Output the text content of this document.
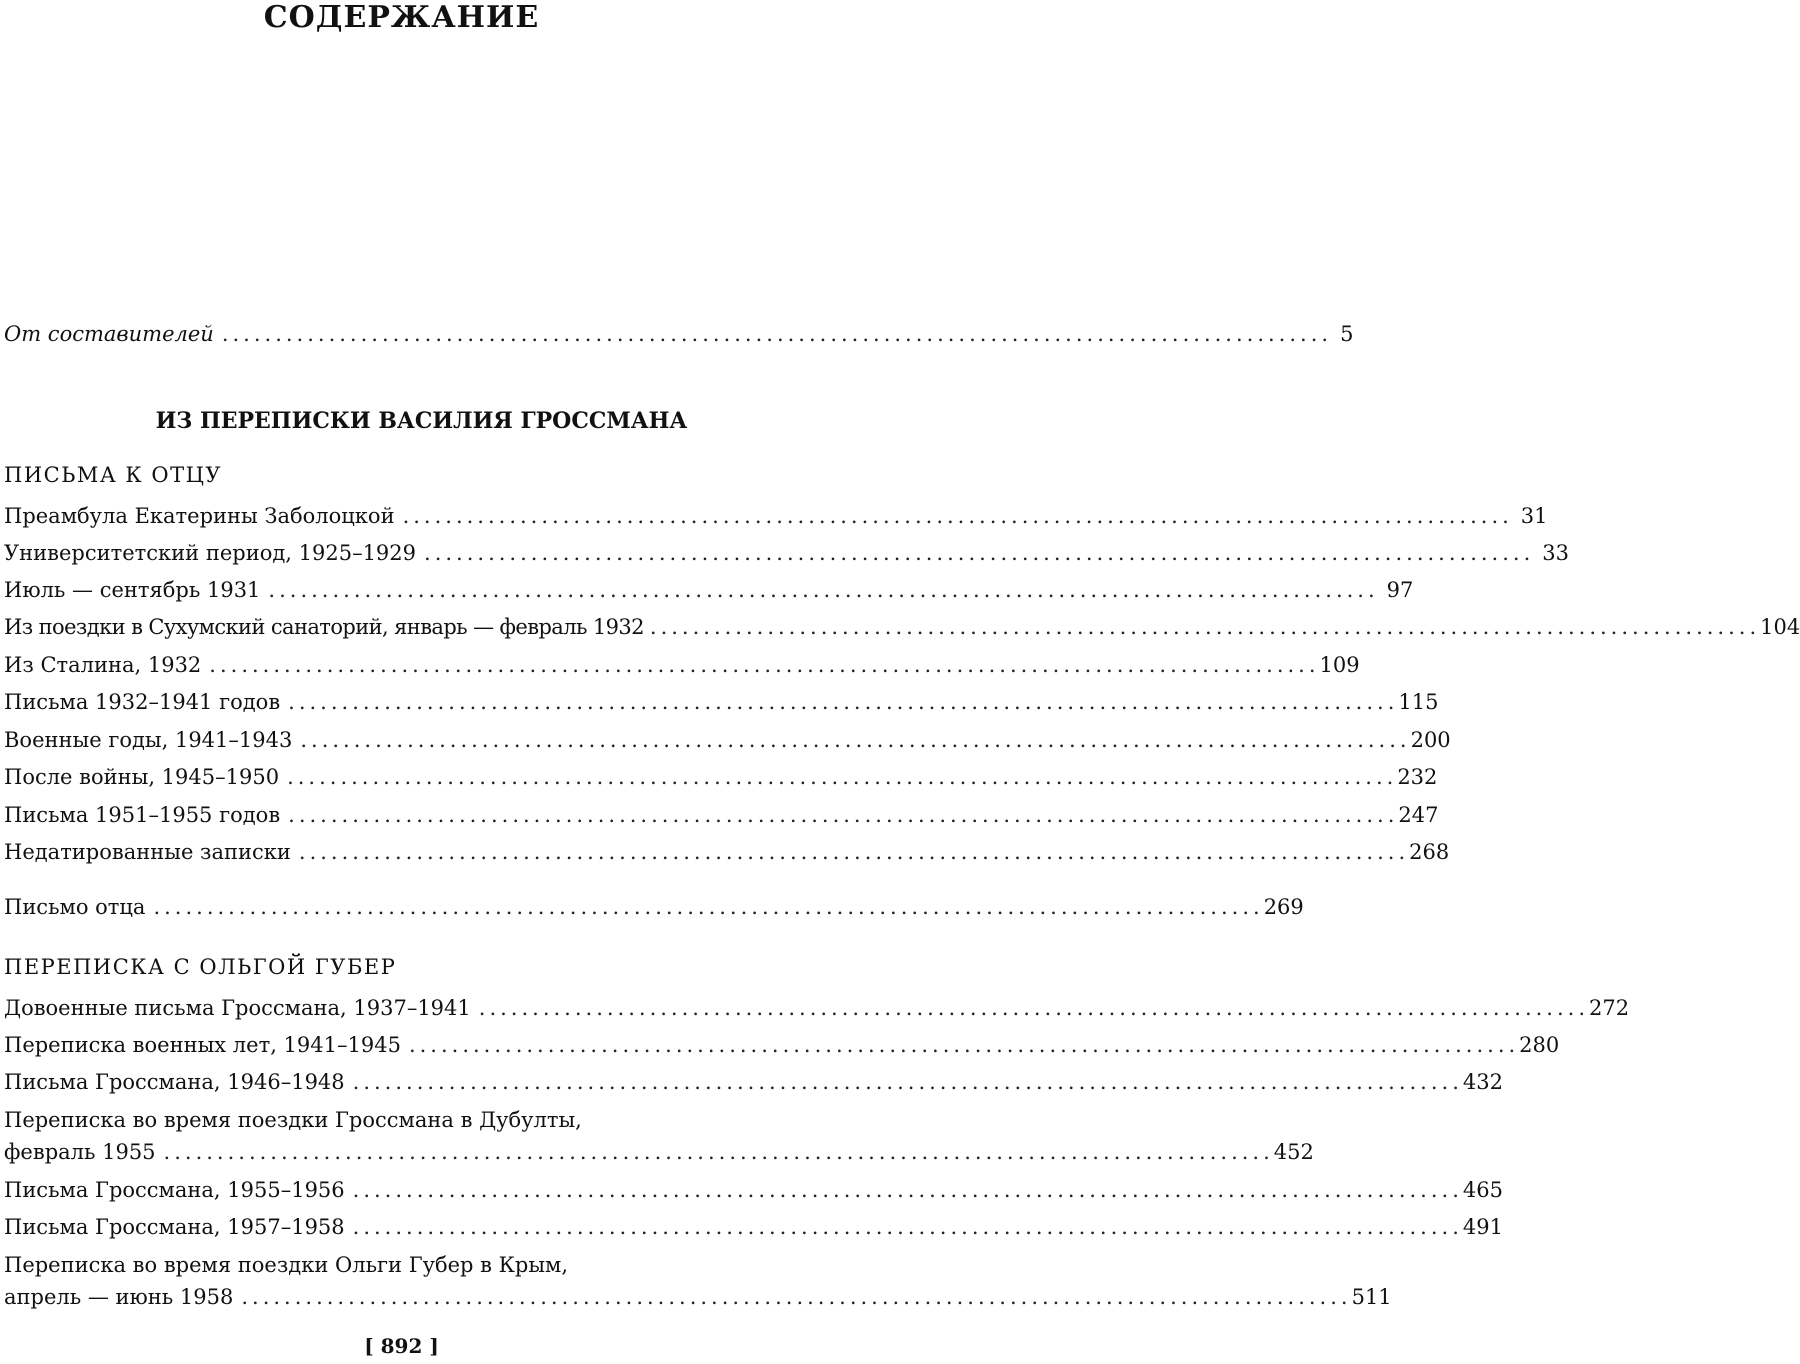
СОДЕРЖАНИЕ
От составителей ........................................................................................................ 5
ИЗ ПЕРЕПИСКИ ВАСИЛИЯ ГРОССМАНА
ПИСЬМА К ОТЦУ
Преамбула Екатерины Заболоцкой ........................................................................................................ 31
Университетский период, 1925–1929 ........................................................................................................ 33
Июль — сентябрь 1931 ........................................................................................................ 97
Из поездки в Сухумский санаторий, январь — февраль 1932 ........................................................................................................ 104
Из Сталина, 1932 ........................................................................................................ 109
Письма 1932–1941 годов ........................................................................................................ 115
Военные годы, 1941–1943 ........................................................................................................ 200
После войны, 1945–1950 ........................................................................................................ 232
Письма 1951–1955 годов ........................................................................................................ 247
Недатированные записки ........................................................................................................ 268
Письмо отца ........................................................................................................ 269
ПЕРЕПИСКА С ОЛЬГОЙ ГУБЕР
Довоенные письма Гроссмана, 1937–1941 ........................................................................................................ 272
Переписка военных лет, 1941–1945 ........................................................................................................ 280
Письма Гроссмана, 1946–1948 ........................................................................................................ 432
Переписка во время поездки Гроссмана в Дубулты,
февраль 1955 ........................................................................................................ 452
Письма Гроссмана, 1955–1956 ........................................................................................................ 465
Письма Гроссмана, 1957–1958 ........................................................................................................ 491
Переписка во время поездки Ольги Губер в Крым,
апрель — июнь 1958 ........................................................................................................ 511
[ 892 ]
